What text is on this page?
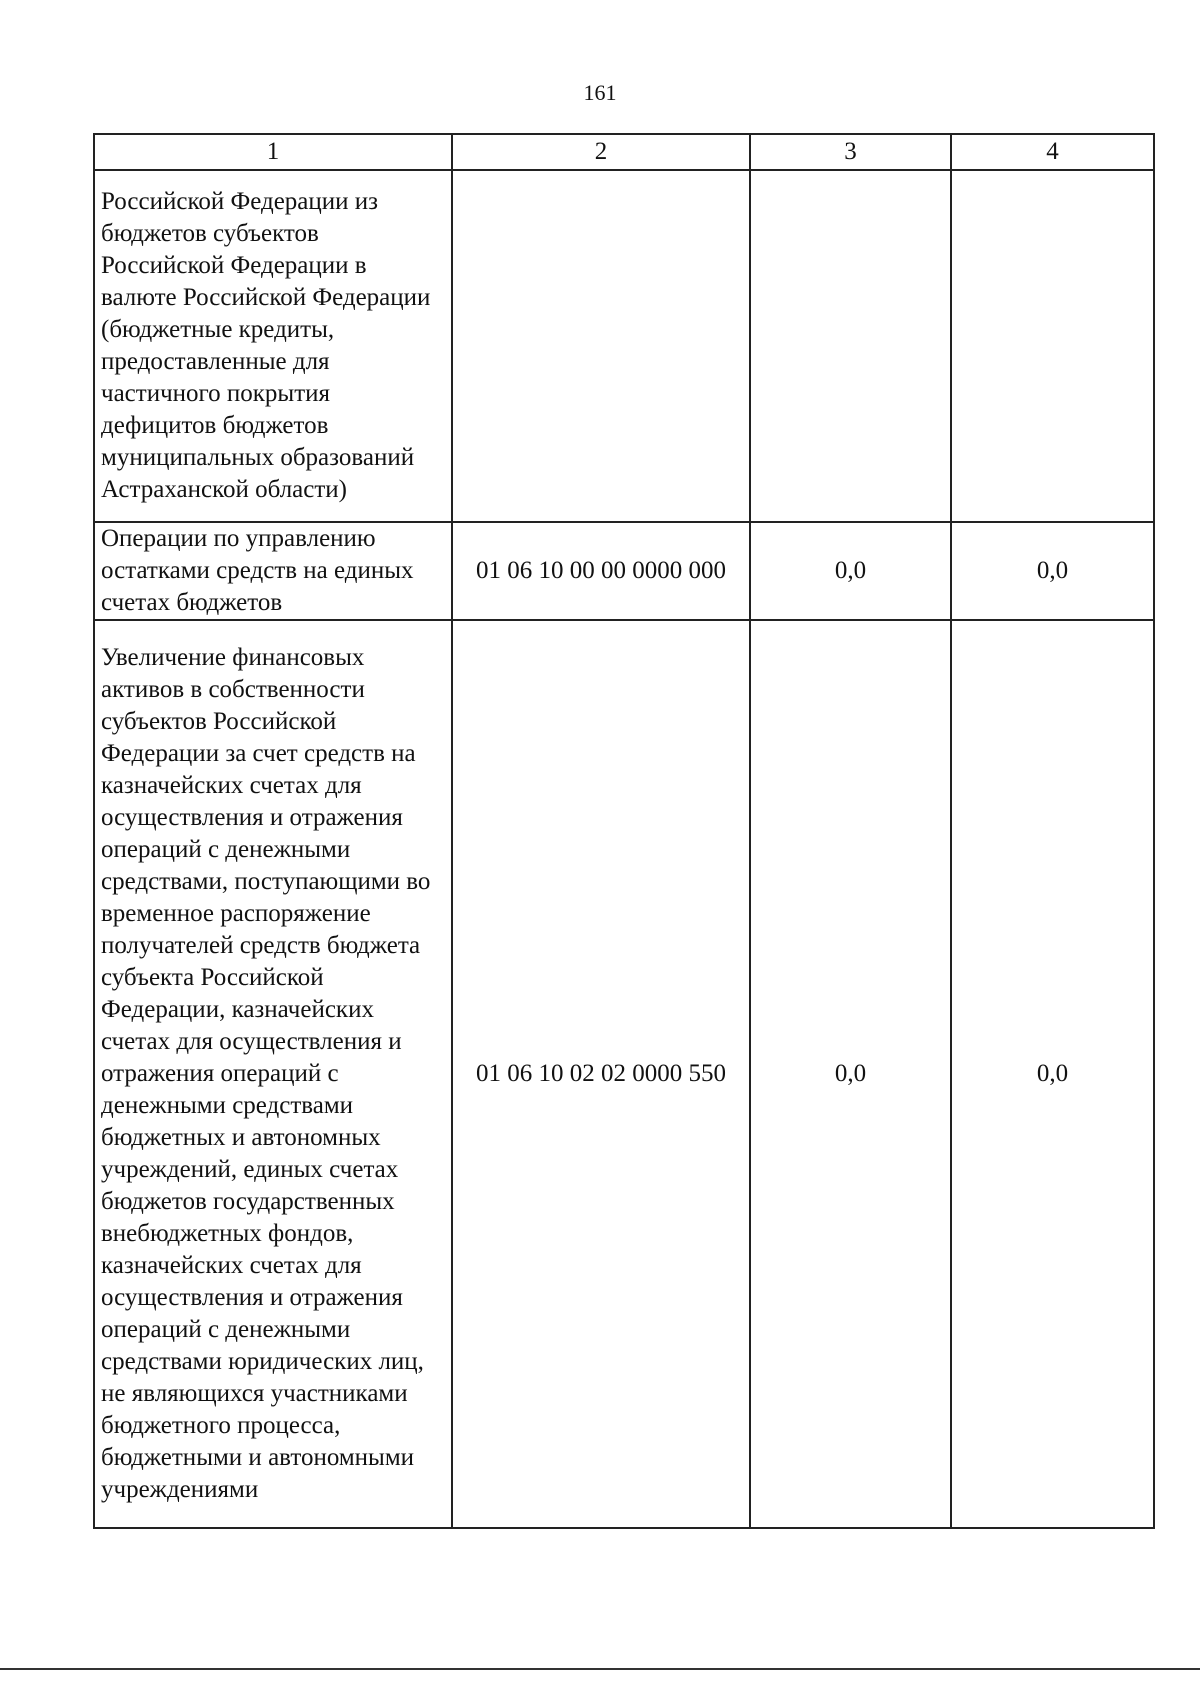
161
1	2	3	4
Российской Федерации из бюджетов субъектов Российской Федерации в валюте Российской Федерации (бюджетные кредиты, предоставленные для частичного покрытия дефицитов бюджетов муниципальных образований Астраханской области)			
Операции по управлению остатками средств на единых счетах бюджетов	01 06 10 00 00 0000 000	0,0	0,0
Увеличение финансовых активов в собственности субъектов Российской Федерации за счет средств на казначейских счетах для осуществления и отражения операций с денежными средствами, поступающими во временное распоряжение получателей средств бюджета субъекта Российской Федерации, казначейских счетах для осуществления и отражения операций с денежными средствами бюджетных и автономных учреждений, единых счетах бюджетов государственных внебюджетных фондов, казначейских счетах для осуществления и отражения операций с денежными средствами юридических лиц, не являющихся участниками бюджетного процесса, бюджетными и автономными учреждениями	01 06 10 02 02 0000 550	0,0	0,0
